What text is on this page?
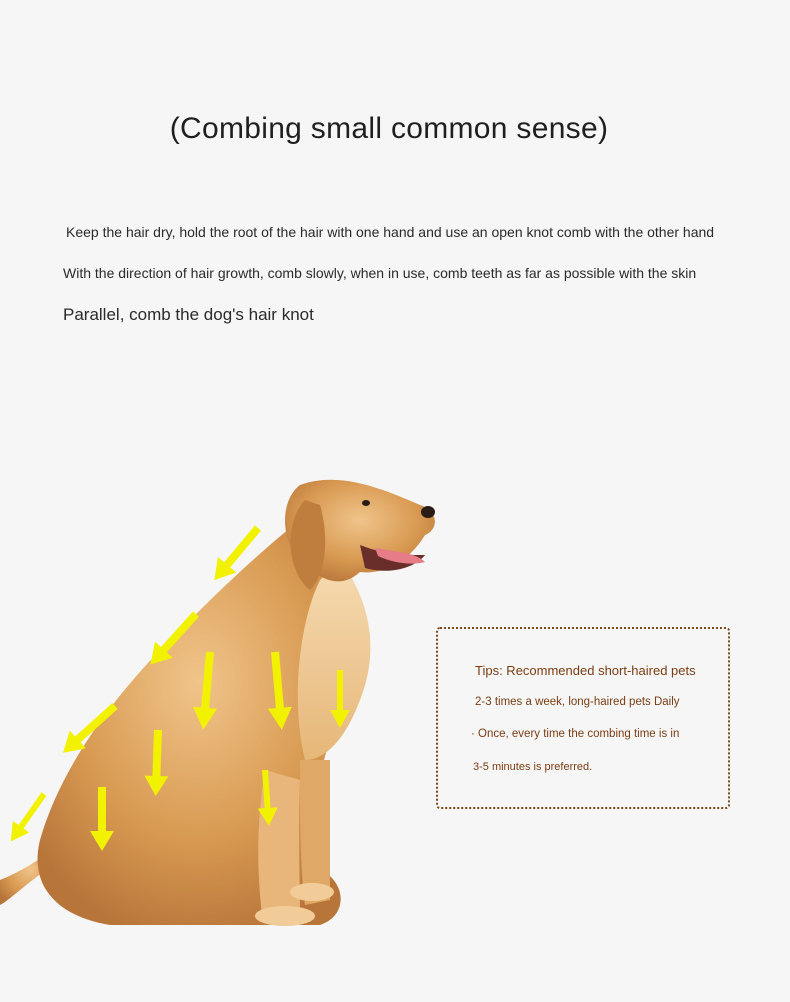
(Combing small common sense)
Keep the hair dry, hold the root of the hair with one hand and use an open knot comb with the other hand
With the direction of hair growth, comb slowly, when in use, comb teeth as far as possible with the skin
Parallel, comb the dog's hair knot
Tips: Recommended short-haired pets
2-3 times a week, long-haired pets Daily
· Once, every time the combing time is in
3-5 minutes is preferred.
